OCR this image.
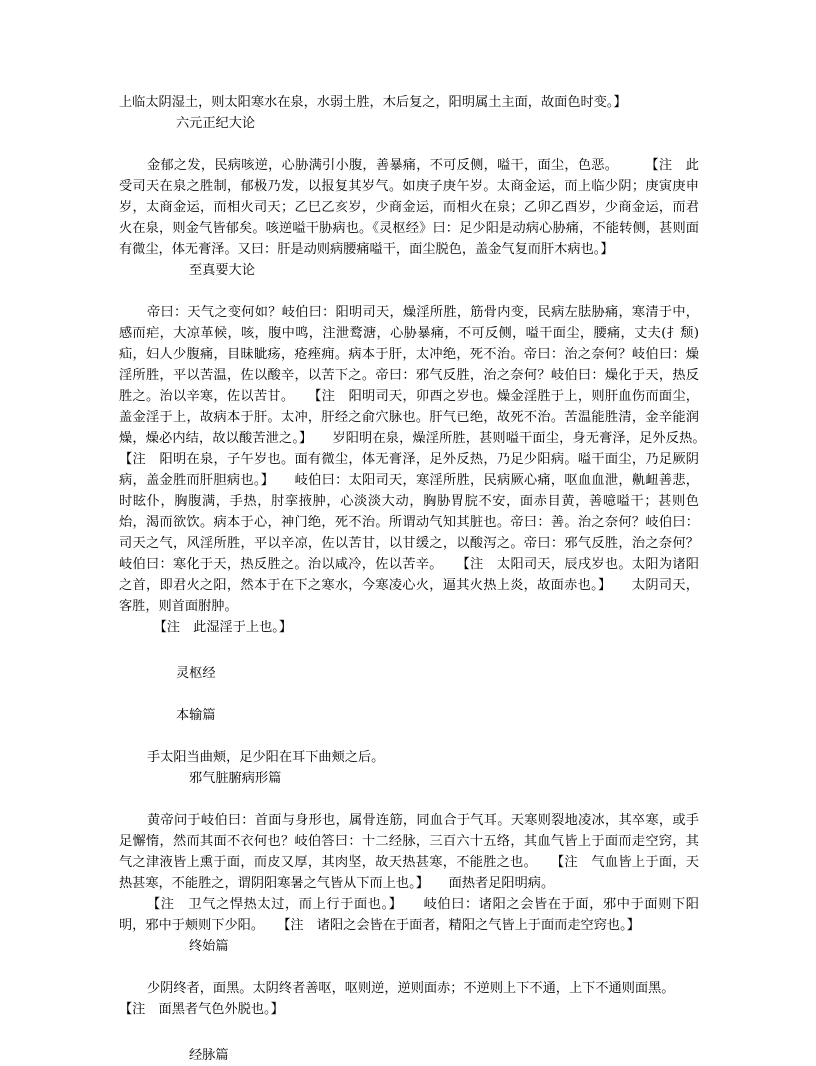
上临太阴湿土，则太阳寒水在泉，水弱土胜，木后复之，阳明属土主面，故面色时变。】

六元正纪大论

金郁之发，民病咳逆，心胁满引小腹，善暴痛，不可反侧，嗌干，面尘，色恶。　　　【注　此受司天在泉之胜制，郁极乃发，以报复其岁气。如庚子庚午岁。太商金运，而上临少阴；庚寅庚申岁，太商金运，而相火司天；乙巳乙亥岁，少商金运，而相火在泉；乙卯乙酉岁，少商金运，而君火在泉，则金气皆郁矣。咳逆嗌干胁病也。《灵枢经》曰：足少阳是动病心胁痛，不能转侧，甚则面有微尘，体无膏泽。又曰：肝是动则病腰痛嗌干，面尘脱色，盖金气复而肝木病也。】

至真要大论

帝曰：天气之变何如？岐伯曰：阳明司天，燥淫所胜，筋骨内变，民病左胠胁痛，寒清于中，感而疟，大凉革候，咳，腹中鸣，注泄鹜溏，心胁暴痛，不可反侧，嗌干面尘，腰痛，丈夫(扌颓)疝，妇人少腹痛，目昧眦疡，疮痤痈。病本于肝，太冲绝，死不治。帝曰：治之奈何？岐伯曰：燥淫所胜，平以苦温，佐以酸辛，以苦下之。帝曰：邪气反胜，治之奈何？岐伯曰：燥化于天，热反胜之。治以辛寒，佐以苦甘。　　【注　阳明司天，卯酉之岁也。燥金淫胜于上，则肝血伤而面尘，盖金淫于上，故病本于肝。太冲，肝经之俞穴脉也。肝气已绝，故死不治。苦温能胜清，金辛能润燥，燥必内结，故以酸苦泄之。】　　岁阳明在泉，燥淫所胜，甚则嗌干面尘，身无膏泽，足外反热。　　【注　阳明在泉，子午岁也。面有微尘，体无膏泽，足外反热，乃足少阳病。嗌干面尘，乃足厥阴病，盖金胜而肝胆病也。】　　岐伯曰：太阳司天，寒淫所胜，民病厥心痛，呕血血泄，鼽衄善悲，时眩仆，胸腹满，手热，肘挛掖肿，心淡淡大动，胸胁胃脘不安，面赤目黄，善噫嗌干；甚则色炲，渴而欲饮。病本于心，神门绝，死不治。所谓动气知其脏也。帝曰：善。治之奈何？岐伯曰：司天之气，风淫所胜，平以辛凉，佐以苦甘，以甘缓之，以酸泻之。帝曰：邪气反胜，治之奈何？岐伯曰：寒化于天，热反胜之。治以咸冷，佐以苦辛。　　【注　太阳司天，辰戌岁也。太阳为诸阳之首，即君火之阳，然本于在下之寒水，今寒凌心火，逼其火热上炎，故面赤也。】　　太阴司天，客胜，则首面胕肿。

　【注　此湿淫于上也。】

灵枢经

本输篇

手太阳当曲颊，足少阳在耳下曲颊之后。

邪气脏腑病形篇

黄帝问于岐伯曰：首面与身形也，属骨连筋，同血合于气耳。天寒则裂地凌冰，其卒寒，或手足懈惰，然而其面不衣何也？岐伯答曰：十二经脉，三百六十五络，其血气皆上于面而走空窍，其气之津液皆上熏于面，而皮又厚，其肉坚，故天热甚寒，不能胜之也。　　【注　气血皆上于面，天热甚寒，不能胜之，谓阴阳寒暑之气皆从下而上也。】　　面热者足阳明病。

【注　卫气之悍热太过，而上行于面也。】　　岐伯曰：诸阳之会皆在于面，邪中于面则下阳明，邪中于颊则下少阳。　　【注　诸阳之会皆在于面者，精阳之气皆上于面而走空窍也。】

终始篇

少阴终者，面黑。太阴终者善呕，呕则逆，逆则面赤；不逆则上下不通，上下不通则面黑。

【注　面黑者气色外脱也。】

经脉篇
